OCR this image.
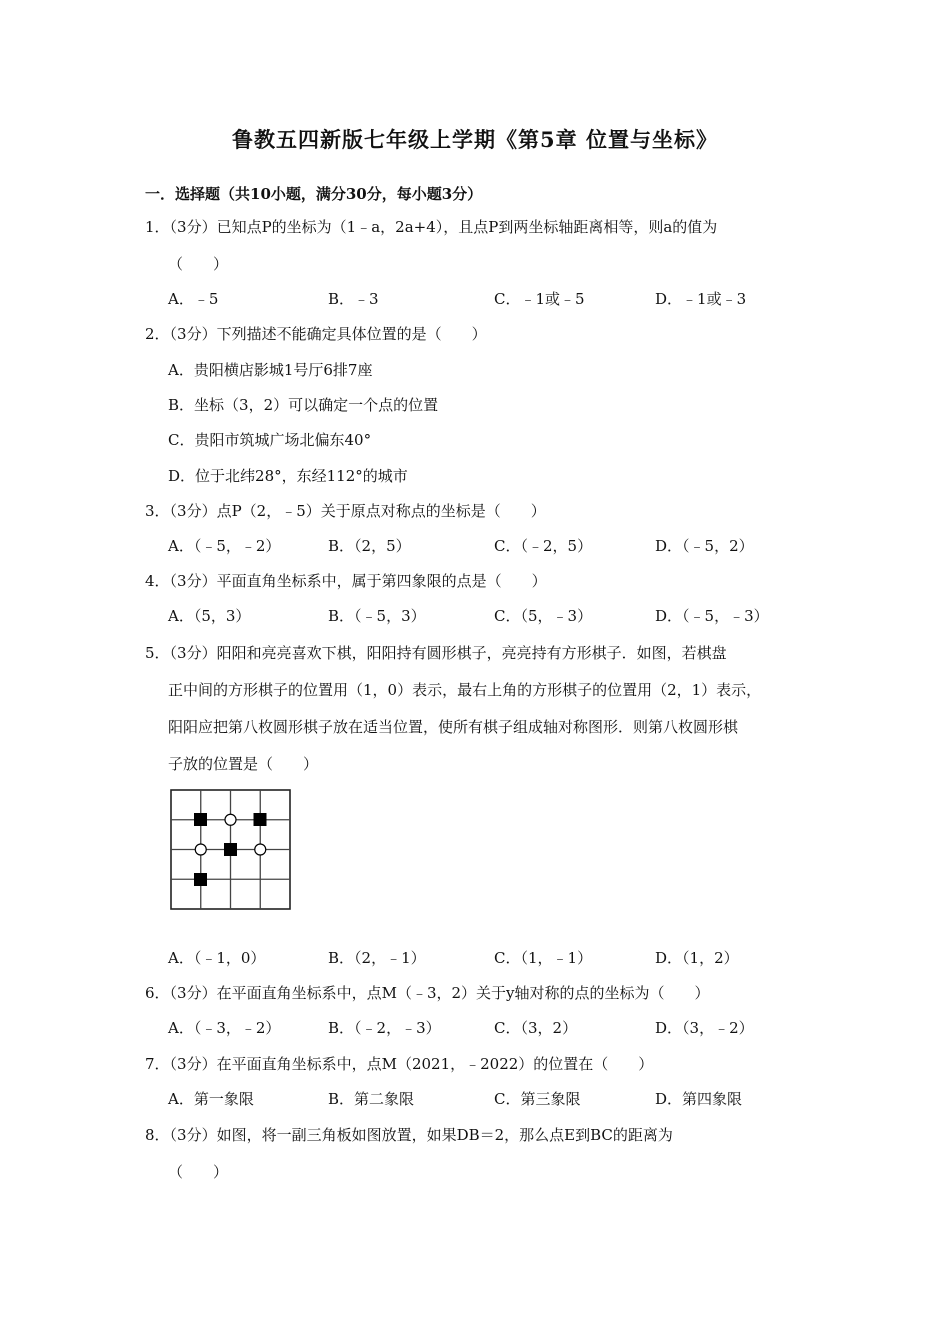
鲁教五四新版七年级上学期《第5章 位置与坐标》
一．选择题（共10小题，满分30分，每小题3分）
1．（3分）已知点P的坐标为（1﹣a，2a+4），且点P到两坐标轴距离相等，则a的值为
（　　）
A．﹣5	B．﹣3	C．﹣1或﹣5	D．﹣1或﹣3
2．（3分）下列描述不能确定具体位置的是（　　）
A．贵阳横店影城1号厅6排7座
B．坐标（3，2）可以确定一个点的位置
C．贵阳市筑城广场北偏东40°
D．位于北纬28°，东经112°的城市
3．（3分）点P（2，﹣5）关于原点对称点的坐标是（　　）
A．（﹣5，﹣2）	B．（2，5）	C．（﹣2，5）	D．（﹣5，2）
4．（3分）平面直角坐标系中，属于第四象限的点是（　　）
A．（5，3）	B．（﹣5，3）	C．（5，﹣3）	D．（﹣5，﹣3）
5．（3分）阳阳和亮亮喜欢下棋，阳阳持有圆形棋子，亮亮持有方形棋子．如图，若棋盘
正中间的方形棋子的位置用（1，0）表示，最右上角的方形棋子的位置用（2，1）表示，
阳阳应把第八枚圆形棋子放在适当位置，使所有棋子组成轴对称图形．则第八枚圆形棋
子放的位置是（　　）
A．（﹣1，0）	B．（2，﹣1）	C．（1，﹣1）	D．（1，2）
6．（3分）在平面直角坐标系中，点M（﹣3，2）关于y轴对称的点的坐标为（　　）
A．（﹣3，﹣2）	B．（﹣2，﹣3）	C．（3，2）	D．（3，﹣2）
7．（3分）在平面直角坐标系中，点M（2021，﹣2022）的位置在（　　）
A．第一象限	B．第二象限	C．第三象限	D．第四象限
8．（3分）如图，将一副三角板如图放置，如果DB＝2，那么点E到BC的距离为
（　　）
